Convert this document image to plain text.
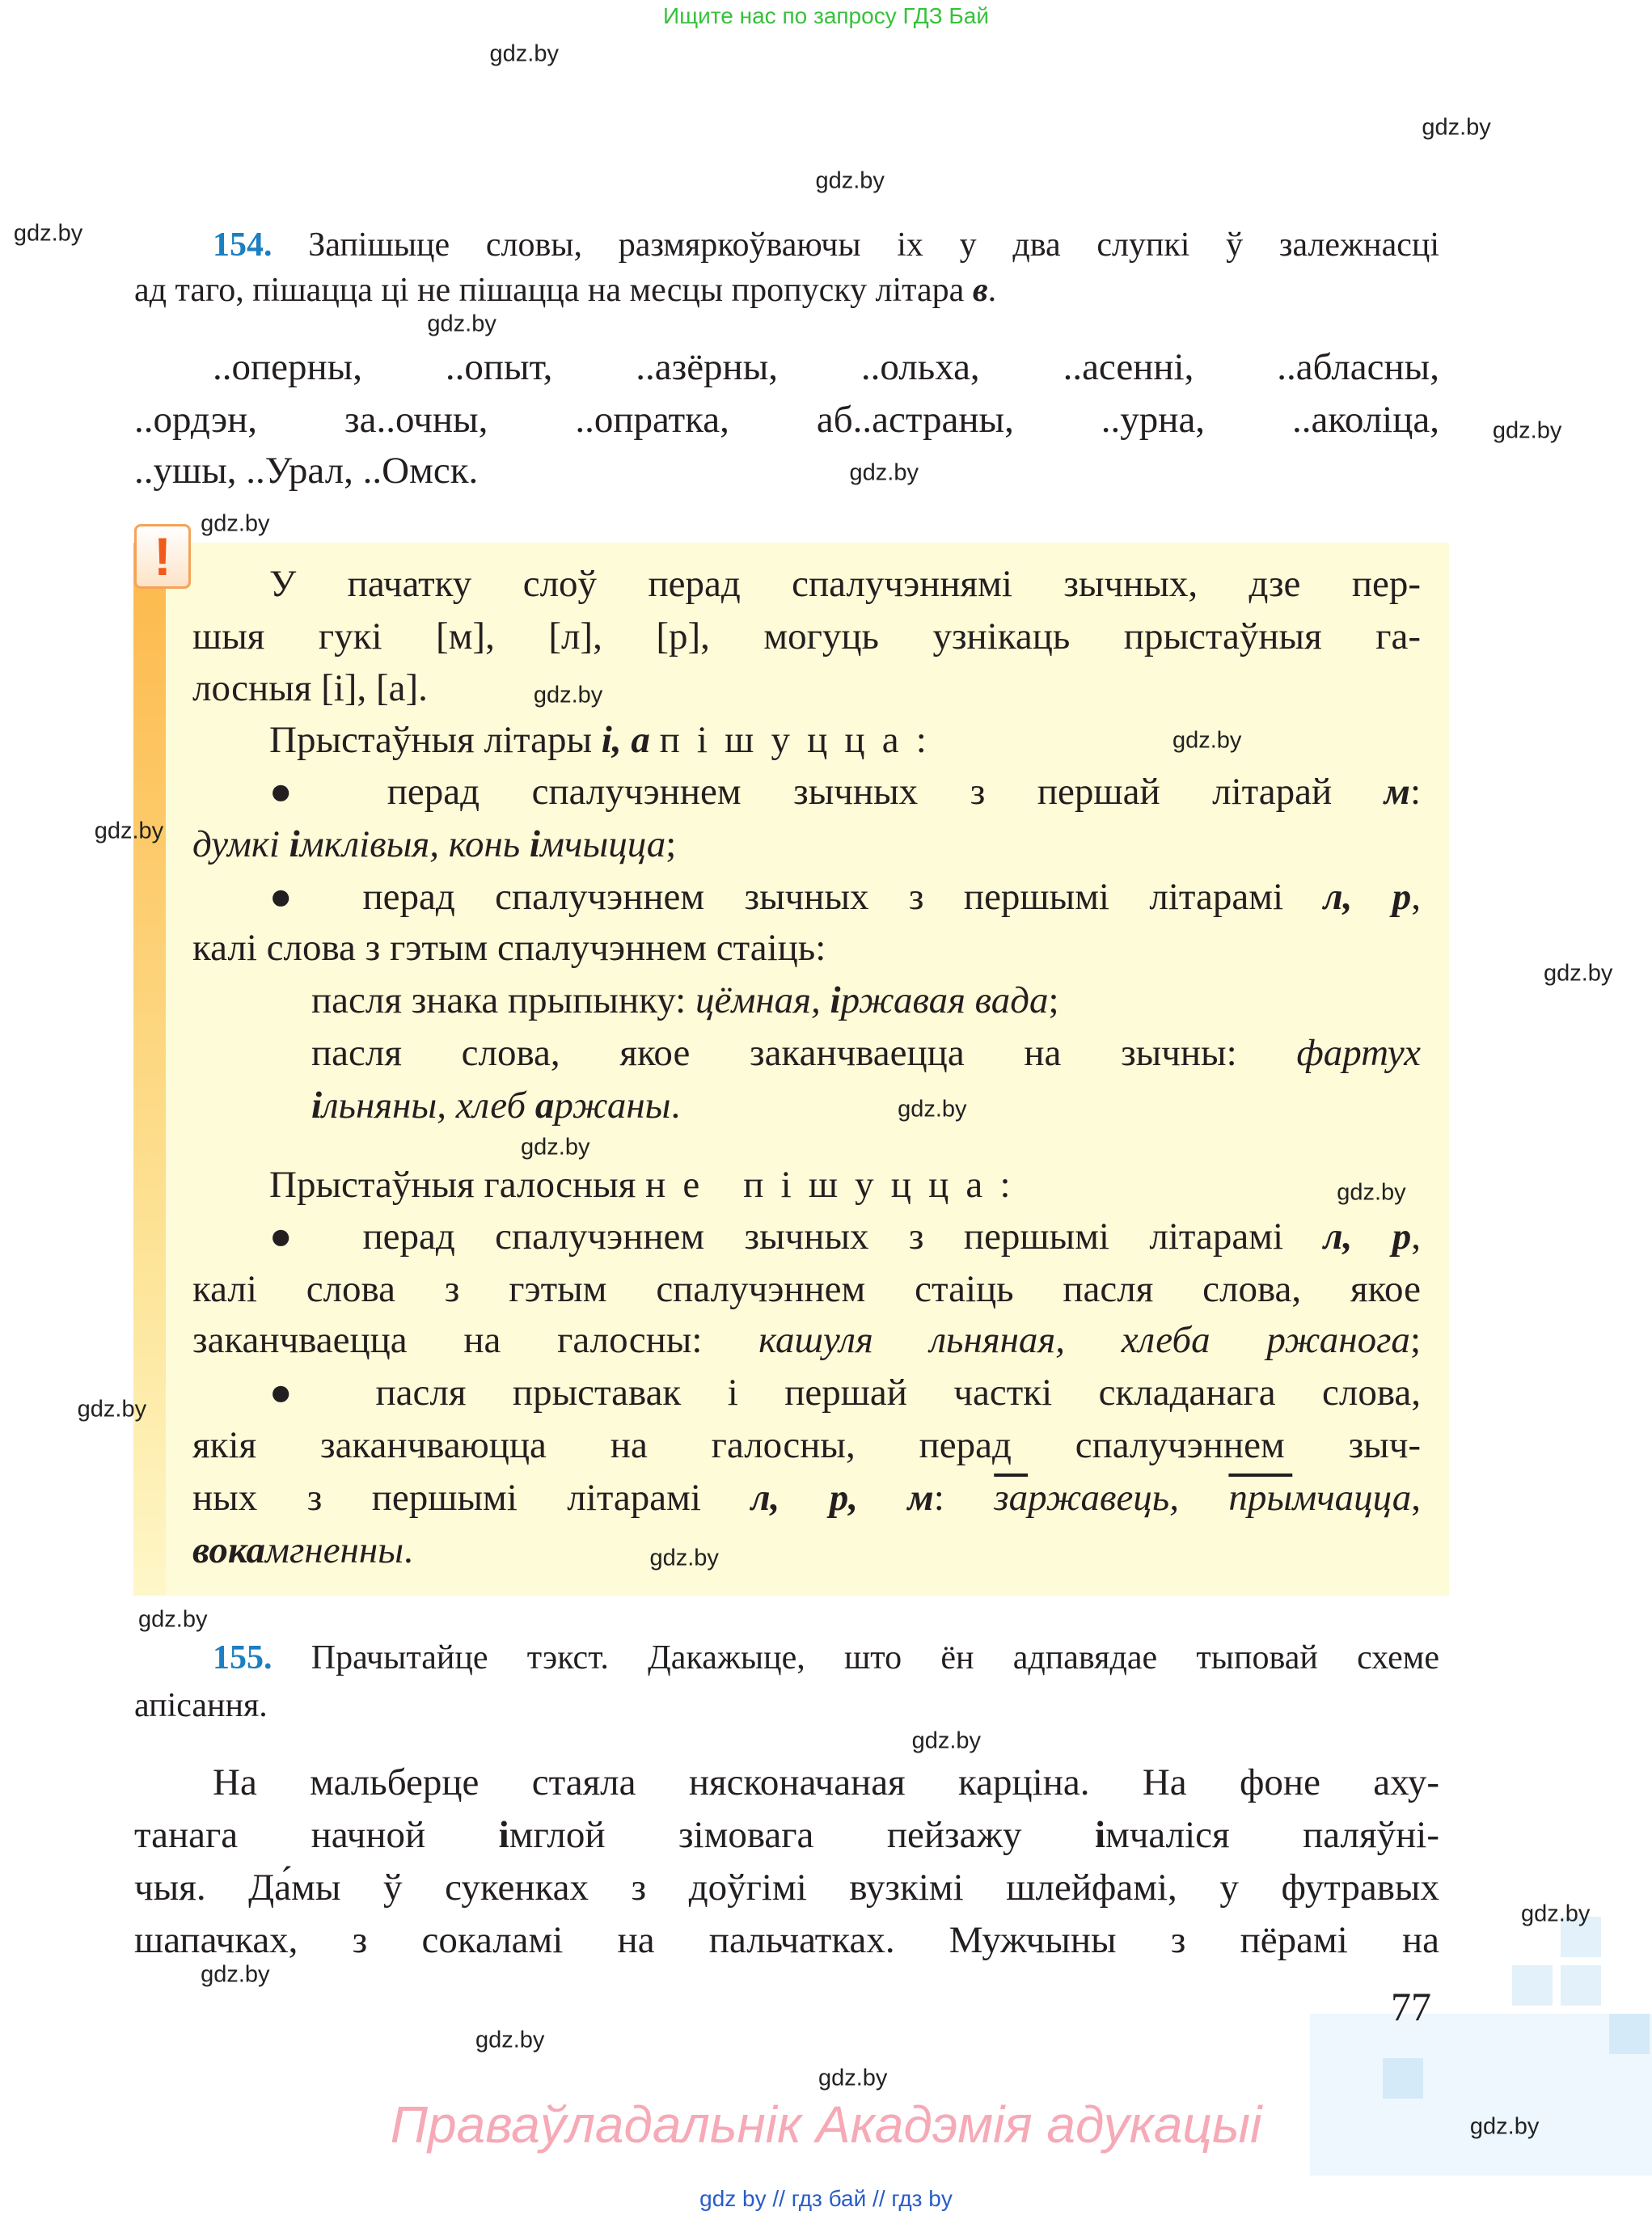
Ищите нас по запросу ГДЗ Бай
!
154. Запішыце словы, размяркоўваючы іх у два слупкі ў залежнасці
ад таго, пішацца ці не пішацца на месцы пропуску літара в.
..оперны, ..опыт, ..азёрны, ..ольха, ..асенні, ..абласны,
..ордэн, за..очны, ..опратка, аб..астраны, ..урна, ..аколіца,
..ушы, ..Урал, ..Омск.
У пачатку слоў перад спалучэннямі зычных, дзе пер-
шыя гукі [м], [л], [р], могуць узнікаць прыстаўныя га-
лосныя [і], [а].
Прыстаўныя літары і, а пішуцца:
● перад спалучэннем зычных з першай літарай м:
думкі імклівыя, конь імчыцца;
● перад спалучэннем зычных з першымі літарамі л, р,
калі слова з гэтым спалучэннем стаіць:
пасля знака прыпынку: цёмная, іржавая вада;
пасля слова, якое заканчваецца на зычны: фартух
ільняны, хлеб аржаны.
Прыстаўныя галосныя не пішуцца:
● перад спалучэннем зычных з першымі літарамі л, р,
калі слова з гэтым спалучэннем стаіць пасля слова, якое
заканчваецца на галосны: кашуля льняная, хлеба ржанога;
● пасля прыставак і першай часткі складанага слова,
якія заканчваюцца на галосны, перад спалучэннем зыч-
ных з першымі літарамі л, р, м: заржавець, прымчацца,
вокамгненны.
155. Прачытайце тэкст. Дакажыце, што ён адпавядае тыповай схеме
апісання.
На мальберце стаяла нясконачаная карціна. На фоне аху-
танага начной імглой зімовага пейзажу імчаліся паляўні-
чыя. Да́мы ў сукенках з доўгімі вузкімі шлейфамі, у футравых
шапачках, з сокаламі на пальчатках. Мужчыны з пёрамі на
77
Праваўладальнік Акадэмія адукацыі
gdz by // гдз бай // гдз by
gdz.by
gdz.by
gdz.by
gdz.by
gdz.by
gdz.by
gdz.by
gdz.by
gdz.by
gdz.by
gdz.by
gdz.by
gdz.by
gdz.by
gdz.by
gdz.by
gdz.by
gdz.by
gdz.by
gdz.by
gdz.by
gdz.by
gdz.by
gdz.by
